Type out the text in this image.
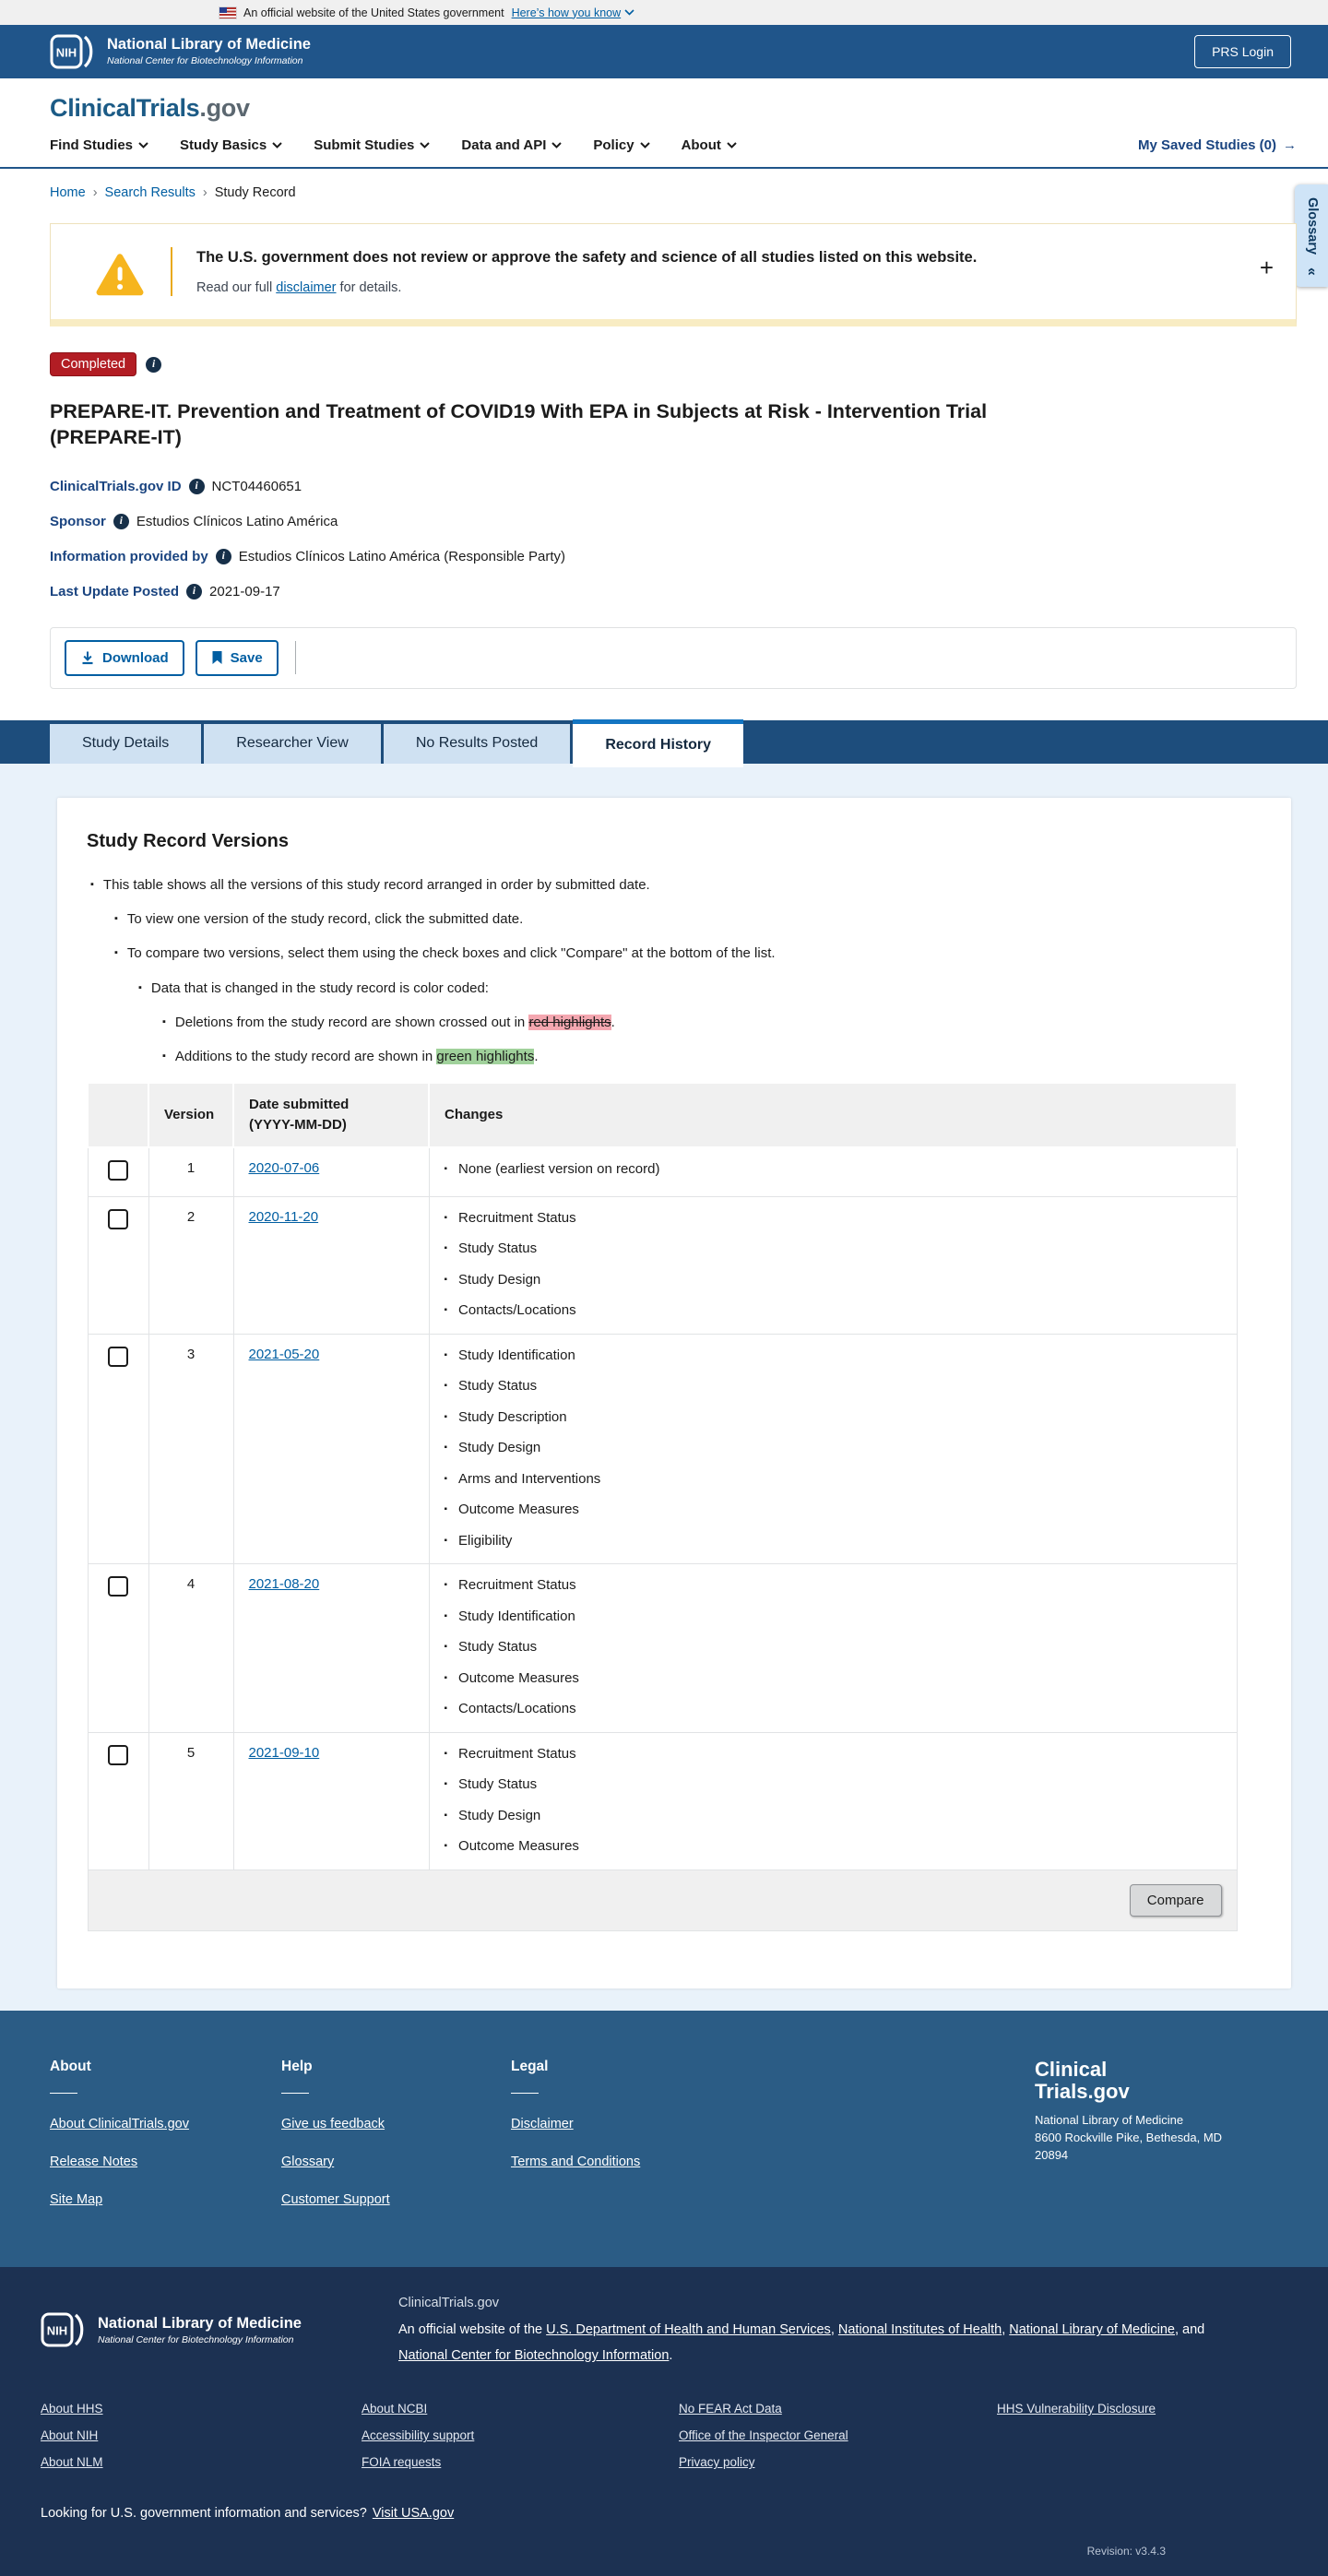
An official website of the United States government Here’s how you know
NIH National Library of Medicine
National Center for Biotechnology Information
PRS Login
ClinicalTrials.gov
Find Studies	Study Basics	Submit Studies	Data and API	Policy	About	My Saved Studies (0) →
Home › Search Results › Study Record
Glossary
«
The U.S. government does not review or approve the safety and science of all studies listed on this website.
Read our full disclaimer for details.
+
Completed	i
PREPARE-IT. Prevention and Treatment of COVID19 With EPA in Subjects at Risk - Intervention Trial (PREPARE-IT)
ClinicalTrials.gov ID	i NCT04460651
Sponsor	i Estudios Clínicos Latino América
Information provided by	i Estudios Clínicos Latino América (Responsible Party)
Last Update Posted	i 2021-09-17
Download	Save
Study Details	Researcher View	No Results Posted	Record History
Study Record Versions
▪ This table shows all the versions of this study record arranged in order by submitted date.
▪ To view one version of the study record, click the submitted date.
▪ To compare two versions, select them using the check boxes and click "Compare" at the bottom of the list.
▪ Data that is changed in the study record is color coded:
▪ Deletions from the study record are shown crossed out in red highlights.
▪ Additions to the study record are shown in green highlights.
	Version	Date submitted
(YYYY-MM-DD)	Changes
	1	2020-07-06	▪ None (earliest version on record)

	2	2020-11-20	▪ Recruitment Status
▪ Study Status
▪ Study Design
▪ Contacts/Locations

	3	2021-05-20	
▪Study Identification
▪ Study Status
▪ Study Description
▪ Study Design
▪ Arms and Interventions
▪ Outcome Measures
▪ Eligibility

	4	2021-08-20	▪ Recruitment Status
▪ Study Identification
▪ Study Status
▪ Outcome Measures
▪ Contacts/Locations

	5	2021-09-10	▪ Recruitment Status
▪ Study Status
▪ Study Design
▪ Outcome Measures

Compare			
About
About ClinicalTrials.gov
Release Notes
Site Map
Help
Give us feedback
Glossary
Customer Support
Legal
Disclaimer
Terms and Conditions
Clinical
Trials.gov
National Library of Medicine
8600 Rockville Pike, Bethesda, MD
20894
NIH National Library of Medicine
National Center for Biotechnology Information
ClinicalTrials.gov
An official website of the U.S. Department of Health and Human Services, National Institutes of Health, National Library of Medicine, and National Center for Biotechnology Information.
About HHS
About NIH
About NLM
About NCBI
Accessibility support
FOIA requests
No FEAR Act Data
Office of the Inspector General
Privacy policy
HHS Vulnerability Disclosure
Looking for U.S. government information and services? Visit USA.gov
Revision: v3.4.3
